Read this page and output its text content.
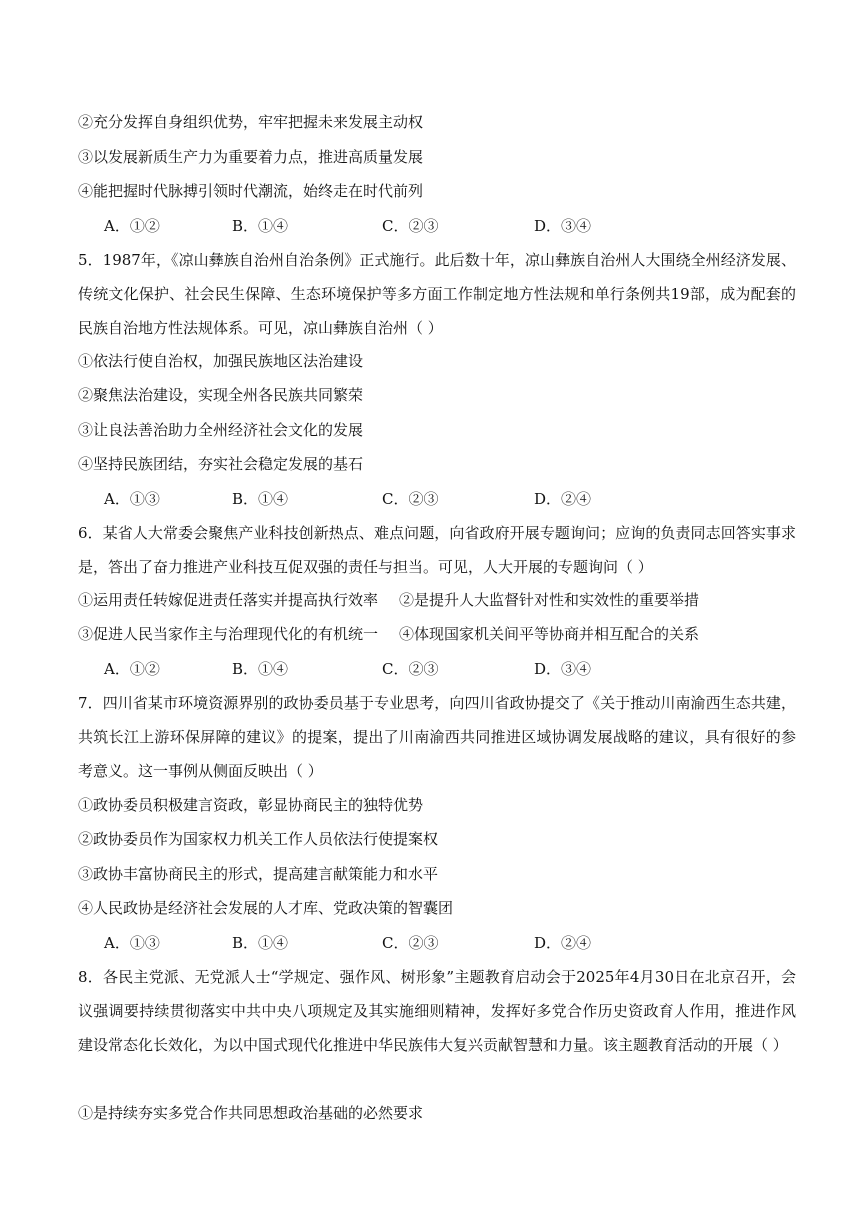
②充分发挥自身组织优势，牢牢把握未来发展主动权
③以发展新质生产力为重要着力点，推进高质量发展
④能把握时代脉搏引领时代潮流，始终走在时代前列
A．①②	B．①④	C．②③	D．③④
5．1987年，《凉山彝族自治州自治条例》正式施行。此后数十年，凉山彝族自治州人大围绕全州经济发展、传统文化保护、社会民生保障、生态环境保护等多方面工作制定地方性法规和单行条例共19部，成为配套的民族自治地方性法规体系。可见，凉山彝族自治州（ ）
①依法行使自治权，加强民族地区法治建设
②聚焦法治建设，实现全州各民族共同繁荣
③让良法善治助力全州经济社会文化的发展
④坚持民族团结，夯实社会稳定发展的基石
A．①③	B．①④	C．②③	D．②④
6．某省人大常委会聚焦产业科技创新热点、难点问题，向省政府开展专题询问；应询的负责同志回答实事求是，答出了奋力推进产业科技互促双强的责任与担当。可见，人大开展的专题询问（ ）
①运用责任转嫁促进责任落实并提高执行效率 ②是提升人大监督针对性和实效性的重要举措
③促进人民当家作主与治理现代化的有机统一 ④体现国家机关间平等协商并相互配合的关系
A．①②	B．①④	C．②③	D．③④
7．四川省某市环境资源界别的政协委员基于专业思考，向四川省政协提交了《关于推动川南渝西生态共建，共筑长江上游环保屏障的建议》的提案，提出了川南渝西共同推进区域协调发展战略的建议，具有很好的参考意义。这一事例从侧面反映出（ ）
①政协委员积极建言资政，彰显协商民主的独特优势
②政协委员作为国家权力机关工作人员依法行使提案权
③政协丰富协商民主的形式，提高建言献策能力和水平
④人民政协是经济社会发展的人才库、党政决策的智囊团
A．①③	B．①④	C．②③	D．②④
8．各民主党派、无党派人士“学规定、强作风、树形象”主题教育启动会于2025年4月30日在北京召开，会议强调要持续贯彻落实中共中央八项规定及其实施细则精神，发挥好多党合作历史资政育人作用，推进作风建设常态化长效化，为以中国式现代化推进中华民族伟大复兴贡献智慧和力量。该主题教育活动的开展（ ）
①是持续夯实多党合作共同思想政治基础的必然要求
